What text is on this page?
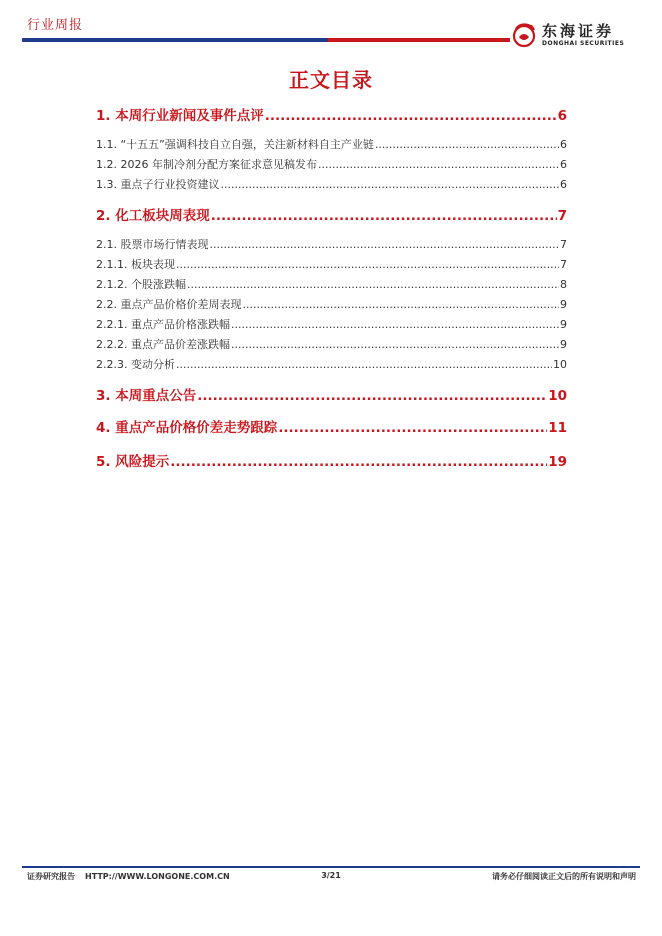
行业周报	东海证券
DONGHAI SECURITIES
正文目录
1. 本周行业新闻及事件点评 .....	6
1.1. “十五五”强调科技自立自强，关注新材料自主产业链 .....	6
1.2. 2026 年制冷剂分配方案征求意见稿发布 .....	6
1.3. 重点子行业投资建议 .....	6
2. 化工板块周表现 .....	7
2.1. 股票市场行情表现 .....	7
2.1.1. 板块表现 .....	7
2.1.2. 个股涨跌幅 .....	8
2.2. 重点产品价格价差周表现 .....	9
2.2.1. 重点产品价格涨跌幅 .....	9
2.2.2. 重点产品价差涨跌幅 .....	9
2.2.3. 变动分析 .....	10
3. 本周重点公告 .....	10
4. 重点产品价格价差走势跟踪 .....	11
5. 风险提示 .....	19
证券研究报告 HTTP://WWW.LONGONE.COM.CN	3/21	请务必仔细阅读正文后的所有说明和声明
